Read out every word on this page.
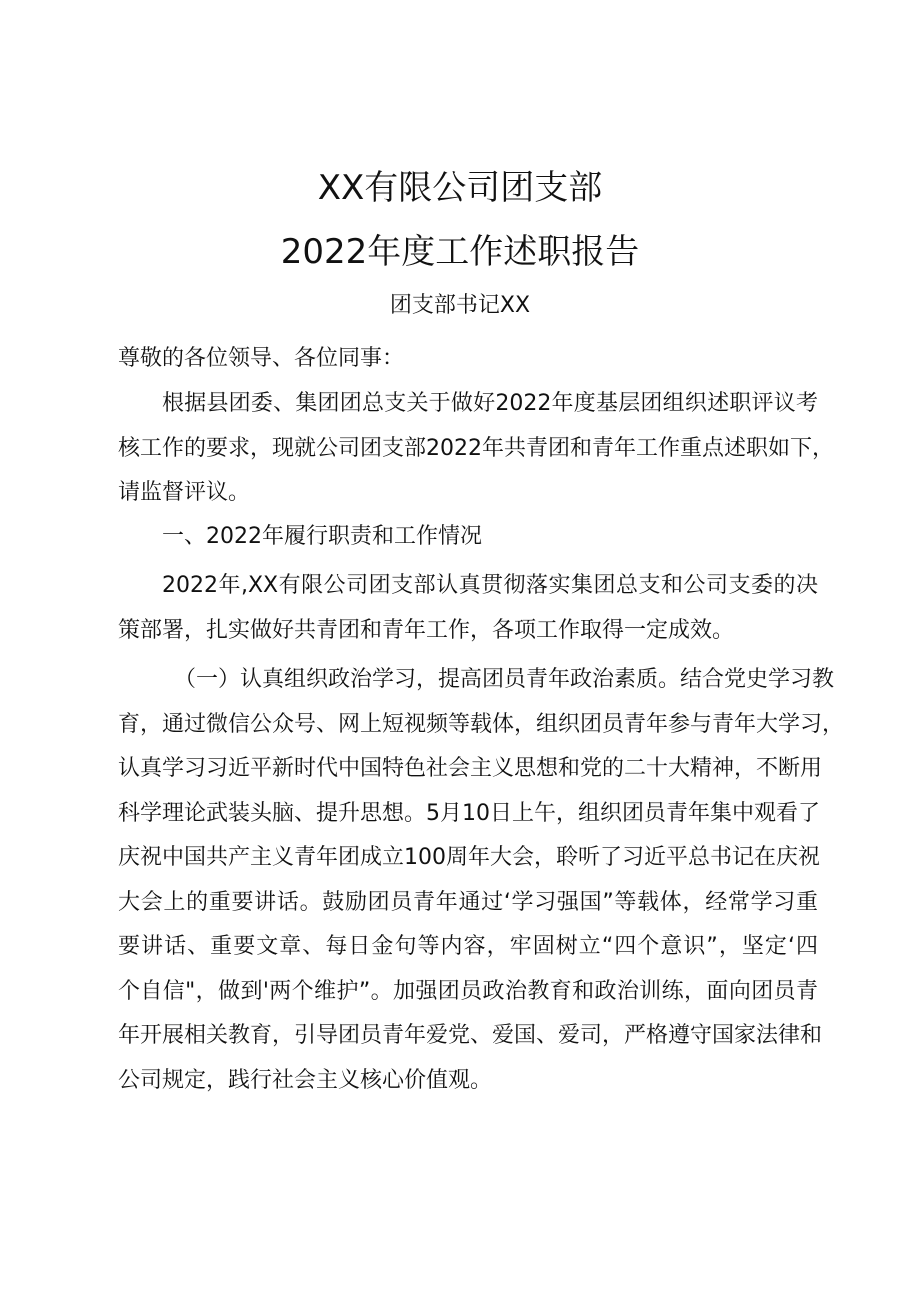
XX有限公司团支部
2022年度工作述职报告
团支部书记XX
尊敬的各位领导、各位同事：
根据县团委、集团团总支关于做好2022年度基层团组织述职评议考
核工作的要求，现就公司团支部2022年共青团和青年工作重点述职如下，
请监督评议。
一、2022年履行职责和工作情况
2022年,XX有限公司团支部认真贯彻落实集团总支和公司支委的决
策部署，扎实做好共青团和青年工作，各项工作取得一定成效。
（一）认真组织政治学习，提高团员青年政治素质。结合党史学习教
育，通过微信公众号、网上短视频等载体，组织团员青年参与青年大学习，
认真学习习近平新时代中国特色社会主义思想和党的二十大精神，不断用
科学理论武装头脑、提升思想。5月10日上午，组织团员青年集中观看了
庆祝中国共产主义青年团成立100周年大会，聆听了习近平总书记在庆祝
大会上的重要讲话。鼓励团员青年通过‘学习强国”等载体，经常学习重
要讲话、重要文章、每日金句等内容，牢固树立“四个意识”，坚定‘四
个自信"，做到'两个维护”。加强团员政治教育和政治训练，面向团员青
年开展相关教育，引导团员青年爱党、爱国、爱司，严格遵守国家法律和
公司规定，践行社会主义核心价值观。
